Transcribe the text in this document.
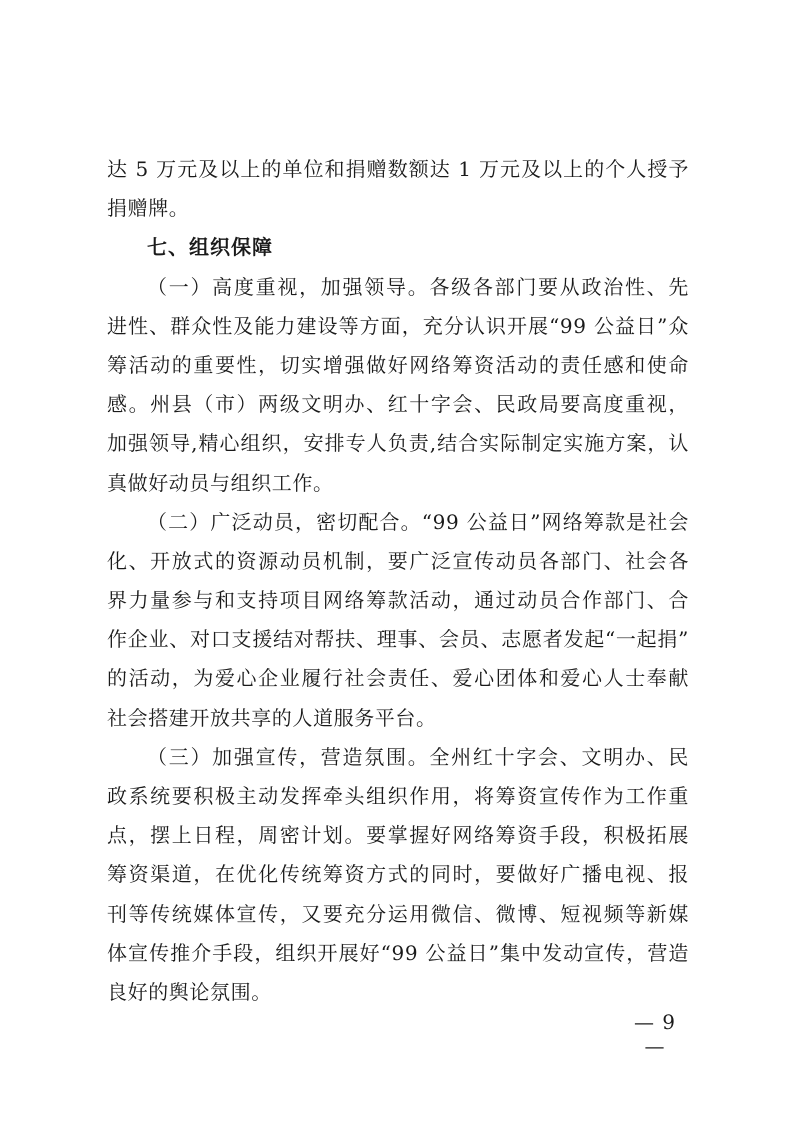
达 5 万元及以上的单位和捐赠数额达 1 万元及以上的个人授予
捐赠牌。
七、组织保障
（一）高度重视，加强领导。各级各部门要从政治性、先
进性、群众性及能力建设等方面，充分认识开展“99 公益日”众
筹活动的重要性，切实增强做好网络筹资活动的责任感和使命
感。州县（市）两级文明办、红十字会、民政局要高度重视，
加强领导,精心组织，安排专人负责,结合实际制定实施方案，认
真做好动员与组织工作。
（二）广泛动员，密切配合。“99 公益日”网络筹款是社会
化、开放式的资源动员机制，要广泛宣传动员各部门、社会各
界力量参与和支持项目网络筹款活动，通过动员合作部门、合
作企业、对口支援结对帮扶、理事、会员、志愿者发起“一起捐”
的活动，为爱心企业履行社会责任、爱心团体和爱心人士奉献
社会搭建开放共享的人道服务平台。
（三）加强宣传，营造氛围。全州红十字会、文明办、民
政系统要积极主动发挥牵头组织作用，将筹资宣传作为工作重
点，摆上日程，周密计划。要掌握好网络筹资手段，积极拓展
筹资渠道，在优化传统筹资方式的同时，要做好广播电视、报
刊等传统媒体宣传，又要充分运用微信、微博、短视频等新媒
体宣传推介手段，组织开展好“99 公益日”集中发动宣传，营造
良好的舆论氛围。
— 9 —
